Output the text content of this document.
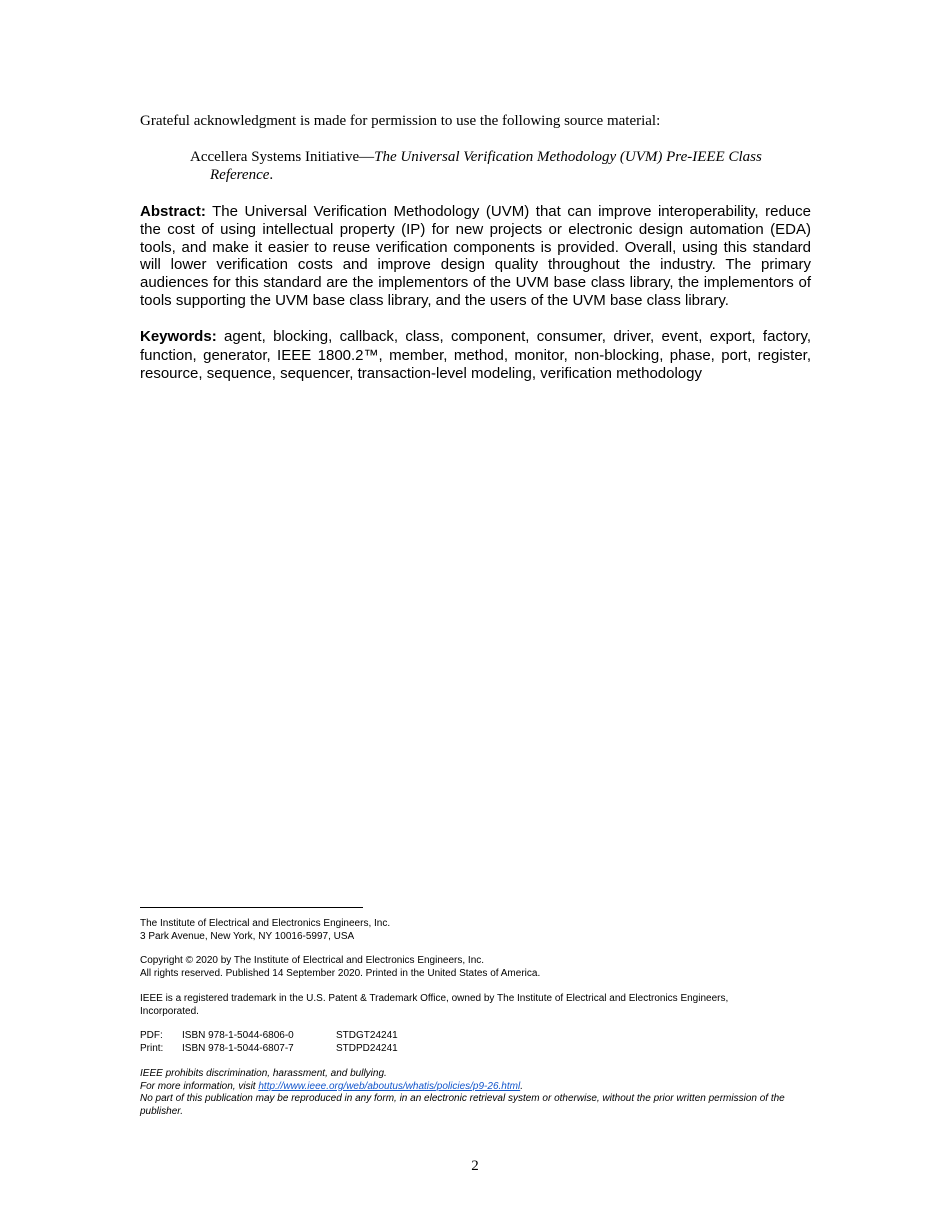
Grateful acknowledgment is made for permission to use the following source material:
Accellera Systems Initiative—The Universal Verification Methodology (UVM) Pre-IEEE Class Reference.
Abstract: The Universal Verification Methodology (UVM) that can improve interoperability, reduce the cost of using intellectual property (IP) for new projects or electronic design automation (EDA) tools, and make it easier to reuse verification components is provided. Overall, using this standard will lower verification costs and improve design quality throughout the industry. The primary audiences for this standard are the implementors of the UVM base class library, the implementors of tools supporting the UVM base class library, and the users of the UVM base class library.
Keywords: agent, blocking, callback, class, component, consumer, driver, event, export, factory, function, generator, IEEE 1800.2™, member, method, monitor, non-blocking, phase, port, register, resource, sequence, sequencer, transaction-level modeling, verification methodology
The Institute of Electrical and Electronics Engineers, Inc.
3 Park Avenue, New York, NY 10016-5997, USA
Copyright © 2020 by The Institute of Electrical and Electronics Engineers, Inc.
All rights reserved. Published 14 September 2020. Printed in the United States of America.
IEEE is a registered trademark in the U.S. Patent & Trademark Office, owned by The Institute of Electrical and Electronics Engineers, Incorporated.
PDF:	ISBN 978-1-5044-6806-0	STDGT24241
Print:	ISBN 978-1-5044-6807-7	STDPD24241
IEEE prohibits discrimination, harassment, and bullying.
For more information, visit http://www.ieee.org/web/aboutus/whatis/policies/p9-26.html.
No part of this publication may be reproduced in any form, in an electronic retrieval system or otherwise, without the prior written permission of the publisher.
2
